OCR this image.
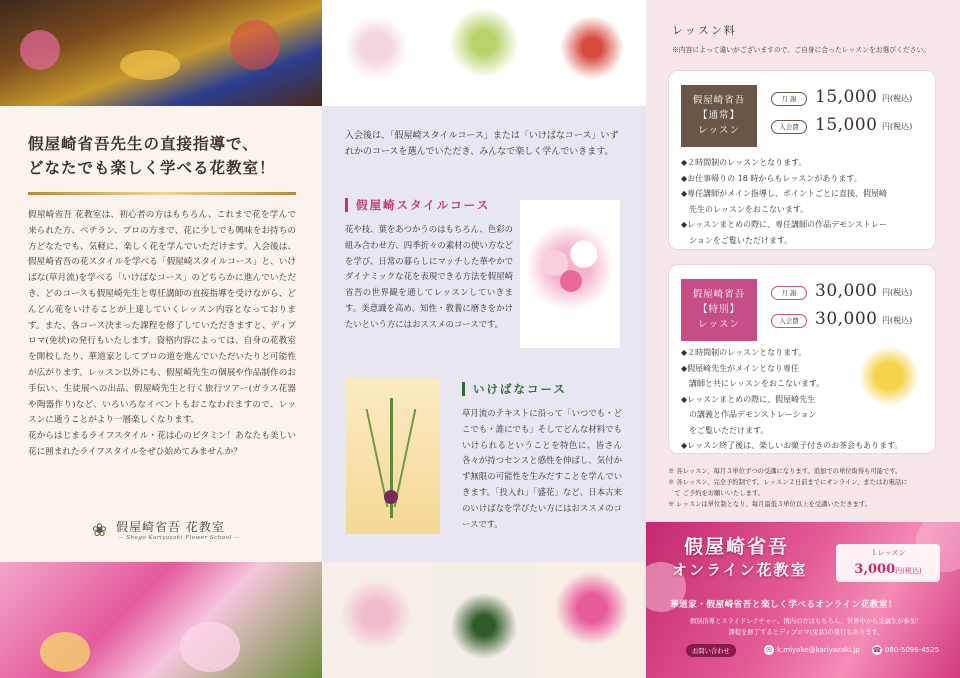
假屋崎省吾先生の直接指導で、
どなたでも楽しく学べる花教室！

假屋崎省吾 花教室は、初心者の方はもちろん、これまで花を学んで来られた方、ベテラン、プロの方まで、花に少しでも興味をお持ちの方どなたでも、気軽に、楽しく花を学んでいただけます。入会後は、假屋崎省吾の花スタイルを学べる「假屋崎スタイルコース」と、いけばな(草月流)を学べる「いけばなコース」のどちらかに進んでいただき、どのコースも假屋崎先生と専任講師の直接指導を受けながら、どんどん花をいけることが上達していくレッスン内容となっております。また、各コース決まった課程を修了していただきますと、ディプロマ(免状)の発行もいたします。資格内容によっては、自身の花教室を開校したり、華道家としてプロの道を進んでいただいたりと可能性が広がります。レッスン以外にも、假屋崎先生の個展や作品制作のお手伝い、生徒展への出品、假屋崎先生と行く旅行ツアー(ガラス花器や陶器作り)など、いろいろなイベントもおこなわれますので、レッスンに通うことがより一層楽しくなります。

花からはじまるライフスタイル・花は心のビタミン！あなたも美しい花に囲まれたライフスタイルをぜひ始めてみませんか？

❀ 假屋崎省吾 花教室
— Shogo Kariyazaki Flower School —
入会後は、「假屋崎スタイルコース」または「いけばなコース」いずれかのコースを選んでいただき、みんなで楽しく学んでいきます。
假屋崎スタイルコース
花や枝、葉をあつかうのはもちろん、色彩の組み合わせ方、四季折々の素材の使い方などを学び、日常の暮らしにマッチした華やかでダイナミックな花を表現できる方法を假屋崎省吾の世界観を通してレッスンしていきます。美意識を高め、知性・教養に磨きをかけたいという方にはおススメのコースです。
いけばなコース
草月流のテキストに沿って「いつでも・どこでも・誰にでも」そしてどんな材料でもいけられるということを特色に、皆さん各々が持つセンスと感性を伸ばし、気付かず無限の可能性を生みだすことを学んでいきます。「投入れ」「盛花」など、日本古来のいけばなを学びたい方にはおススメのコースです。
レッスン料
※内容によって違いがございますので、ご自身に合ったレッスンをお選びください。
假屋崎省吾
【通常】
レッスン
月 謝	15,000 円(税込)
入会費 15,000 円(税込)
◆２時間制のレッスンとなります。
◆お仕事帰りの 18 時からもレッスンがあります。
◆専任講師がメイン指導し、ポイントごとに直接、假屋崎
　先生のレッスンをおこないます。
◆レッスンまとめの際に、専任講師の作品デモンストレー
　ションをご覧いただけます。
假屋崎省吾
【特別】
レッスン
月 謝	30,000 円(税込)
入会費 30,000 円(税込)
◆２時間制のレッスンとなります。
◆假屋崎先生がメインとなり専任
　講師と共にレッスンをおこないます。
◆レッスンまとめの際に、假屋崎先生
　の講義と作品デモンストレーション
　をご覧いただけます。
◆レッスン終了後は、楽しいお菓子付きのお茶会もあります。
※ 各レッスン、毎月３単位ずつの受講になります。追加での単位取得も可能です。
※ 各レッスン、完全予約制です。レッスン２日前までにオンライン、またはお電話に
　て ご予約をお願いいたします。
※ レッスンは単位制となり、毎月最低３単位以上を受講いただきます。
假屋崎省吾
オンライン花教室
１レッスン
3,000円(税込)
華道家・假屋崎省吾と楽しく学べるオンライン花教室！
個別指導とスライドレクチャー。国内の方はもちろん、世界中から受講生が参加！
課程を修了するとディプロマ(免状)の発行もあります。
お問い合わせ	✉ k.miyake@kariyazaki.jp ☎ 080-5096-4525
